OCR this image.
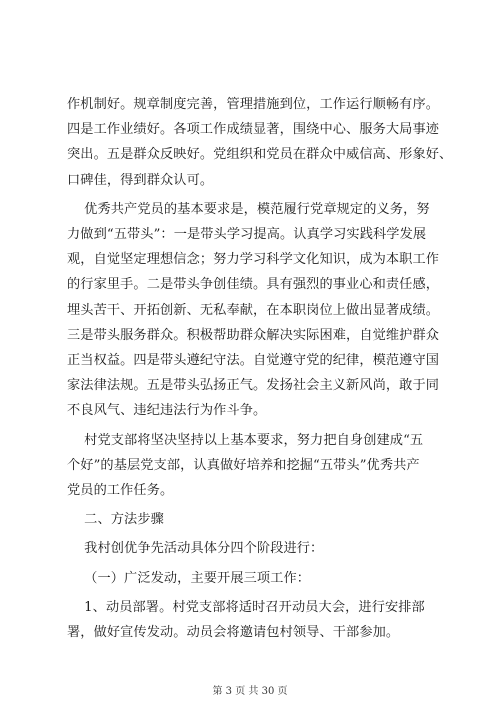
作机制好。规章制度完善，管理措施到位，工作运行顺畅有序。
四是工作业绩好。各项工作成绩显著，围绕中心、服务大局事迹
突出。五是群众反映好。党组织和党员在群众中威信高、形象好、
口碑佳，得到群众认可。
优秀共产党员的基本要求是，模范履行党章规定的义务，努
力做到“五带头”：一是带头学习提高。认真学习实践科学发展
观，自觉坚定理想信念；努力学习科学文化知识，成为本职工作
的行家里手。二是带头争创佳绩。具有强烈的事业心和责任感，
埋头苦干、开拓创新、无私奉献，在本职岗位上做出显著成绩。
三是带头服务群众。积极帮助群众解决实际困难，自觉维护群众
正当权益。四是带头遵纪守法。自觉遵守党的纪律，模范遵守国
家法律法规。五是带头弘扬正气。发扬社会主义新风尚，敢于同
不良风气、违纪违法行为作斗争。
村党支部将坚决坚持以上基本要求，努力把自身创建成“五
个好”的基层党支部，认真做好培养和挖掘“五带头”优秀共产
党员的工作任务。
二、方法步骤
我村创优争先活动具体分四个阶段进行：
（一）广泛发动，主要开展三项工作：
1、动员部署。村党支部将适时召开动员大会，进行安排部
署，做好宣传发动。动员会将邀请包村领导、干部参加。
第 3 页 共 30 页
